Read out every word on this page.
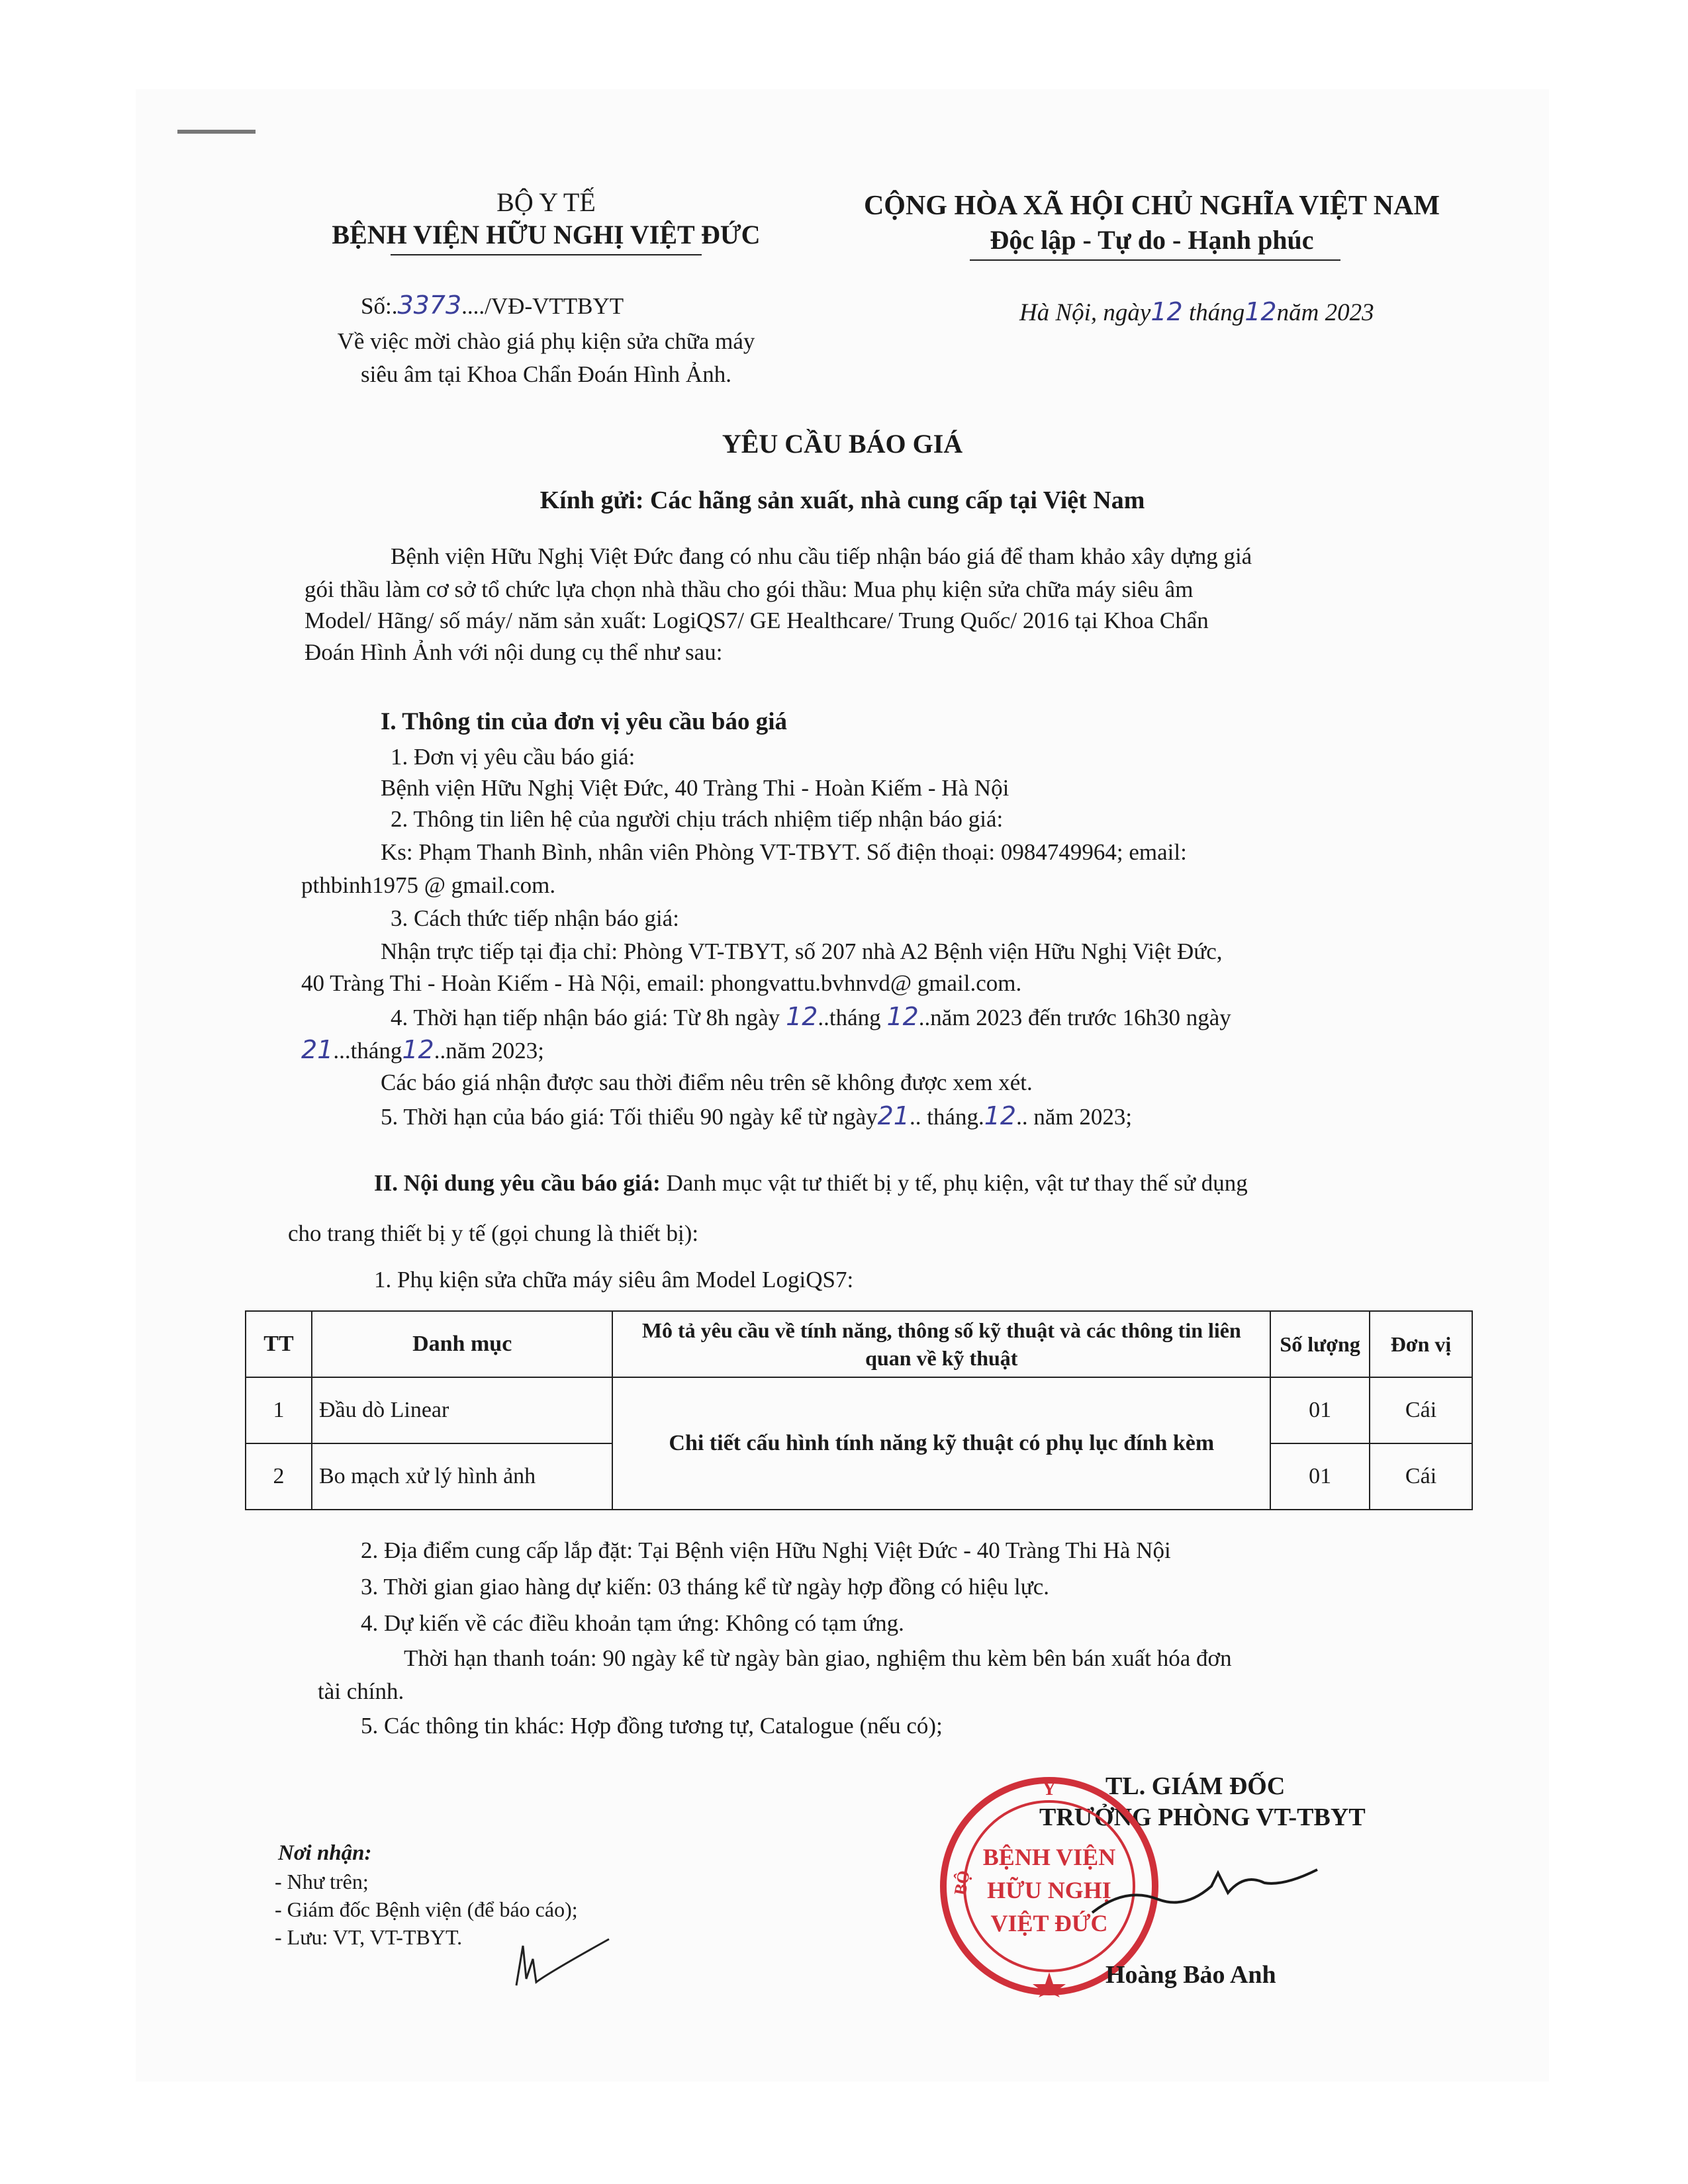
BỘ Y TẾ
BỆNH VIỆN HỮU NGHỊ VIỆT ĐỨC
Số:.3373..../VĐ-VTTBYT
Về việc mời chào giá phụ kiện sửa chữa máy
siêu âm tại Khoa Chẩn Đoán Hình Ảnh.
CỘNG HÒA XÃ HỘI CHỦ NGHĨA VIỆT NAM
Độc lập - Tự do - Hạnh phúc
Hà Nội, ngày12 tháng12năm 2023
YÊU CẦU BÁO GIÁ
Kính gửi: Các hãng sản xuất, nhà cung cấp tại Việt Nam
Bệnh viện Hữu Nghị Việt Đức đang có nhu cầu tiếp nhận báo giá để tham khảo xây dựng giá
gói thầu làm cơ sở tổ chức lựa chọn nhà thầu cho gói thầu: Mua phụ kiện sửa chữa máy siêu âm
Model/ Hãng/ số máy/ năm sản xuất: LogiQS7/ GE Healthcare/ Trung Quốc/ 2016 tại Khoa Chẩn
Đoán Hình Ảnh với nội dung cụ thể như sau:
I. Thông tin của đơn vị yêu cầu báo giá
1. Đơn vị yêu cầu báo giá:
Bệnh viện Hữu Nghị Việt Đức, 40 Tràng Thi - Hoàn Kiếm - Hà Nội
2. Thông tin liên hệ của người chịu trách nhiệm tiếp nhận báo giá:
Ks: Phạm Thanh Bình, nhân viên Phòng VT-TBYT. Số điện thoại: 0984749964; email:
pthbinh1975 @ gmail.com.
3. Cách thức tiếp nhận báo giá:
Nhận trực tiếp tại địa chỉ: Phòng VT-TBYT, số 207 nhà A2 Bệnh viện Hữu Nghị Việt Đức,
40 Tràng Thi - Hoàn Kiếm - Hà Nội, email: phongvattu.bvhnvd@ gmail.com.
4. Thời hạn tiếp nhận báo giá: Từ 8h ngày 12..tháng 12..năm 2023 đến trước 16h30 ngày
21...tháng12..năm 2023;
Các báo giá nhận được sau thời điểm nêu trên sẽ không được xem xét.
5. Thời hạn của báo giá: Tối thiểu 90 ngày kể từ ngày21.. tháng.12.. năm 2023;
II. Nội dung yêu cầu báo giá: Danh mục vật tư thiết bị y tế, phụ kiện, vật tư thay thế sử dụng
cho trang thiết bị y tế (gọi chung là thiết bị):
1. Phụ kiện sửa chữa máy siêu âm Model LogiQS7:
TT	Danh mục	Mô tả yêu cầu về tính năng, thông số kỹ thuật và các thông tin liên quan về kỹ thuật	Số lượng	Đơn vị
1	Đầu dò Linear	Chi tiết cấu hình tính năng kỹ thuật có phụ lục đính kèm	01	Cái
2	Bo mạch xử lý hình ảnh		01	Cái
2. Địa điểm cung cấp lắp đặt: Tại Bệnh viện Hữu Nghị Việt Đức - 40 Tràng Thi Hà Nội
3. Thời gian giao hàng dự kiến: 03 tháng kể từ ngày hợp đồng có hiệu lực.
4. Dự kiến về các điều khoản tạm ứng: Không có tạm ứng.
Thời hạn thanh toán: 90 ngày kể từ ngày bàn giao, nghiệm thu kèm bên bán xuất hóa đơn
tài chính.
5. Các thông tin khác: Hợp đồng tương tự, Catalogue (nếu có);
Nơi nhận:
- Như trên;
- Giám đốc Bệnh viện (để báo cáo);
- Lưu: VT, VT-TBYT.
TL. GIÁM ĐỐC
TRƯỞNG PHÒNG VT-TBYT
Y
BỘ
BỆNH VIỆN
HỮU NGHỊ
VIỆT ĐỨC
Hoàng Bảo Anh
